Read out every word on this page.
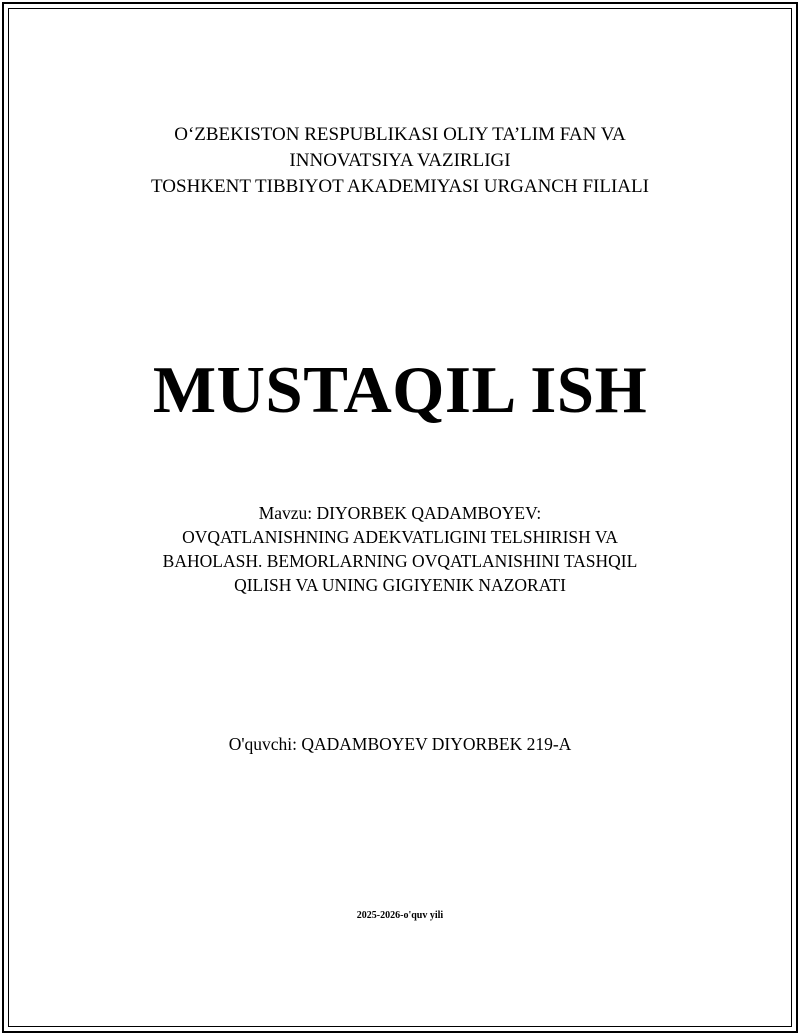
O‘ZBEKISTON RESPUBLIKASI OLIY TA’LIM FAN VA
INNOVATSIYA VAZIRLIGI
TOSHKENT TIBBIYOT AKADEMIYASI URGANCH FILIALI
MUSTAQIL ISH
Mavzu: DIYORBEK QADAMBOYEV:
OVQATLANISHNING ADEKVATLIGINI TELSHIRISH VA
BAHOLASH. BEMORLARNING OVQATLANISHINI TASHQIL
QILISH VA UNING GIGIYENIK NAZORATI
O'quvchi: QADAMBOYEV DIYORBEK 219-A
2025-2026-o'quv yili
